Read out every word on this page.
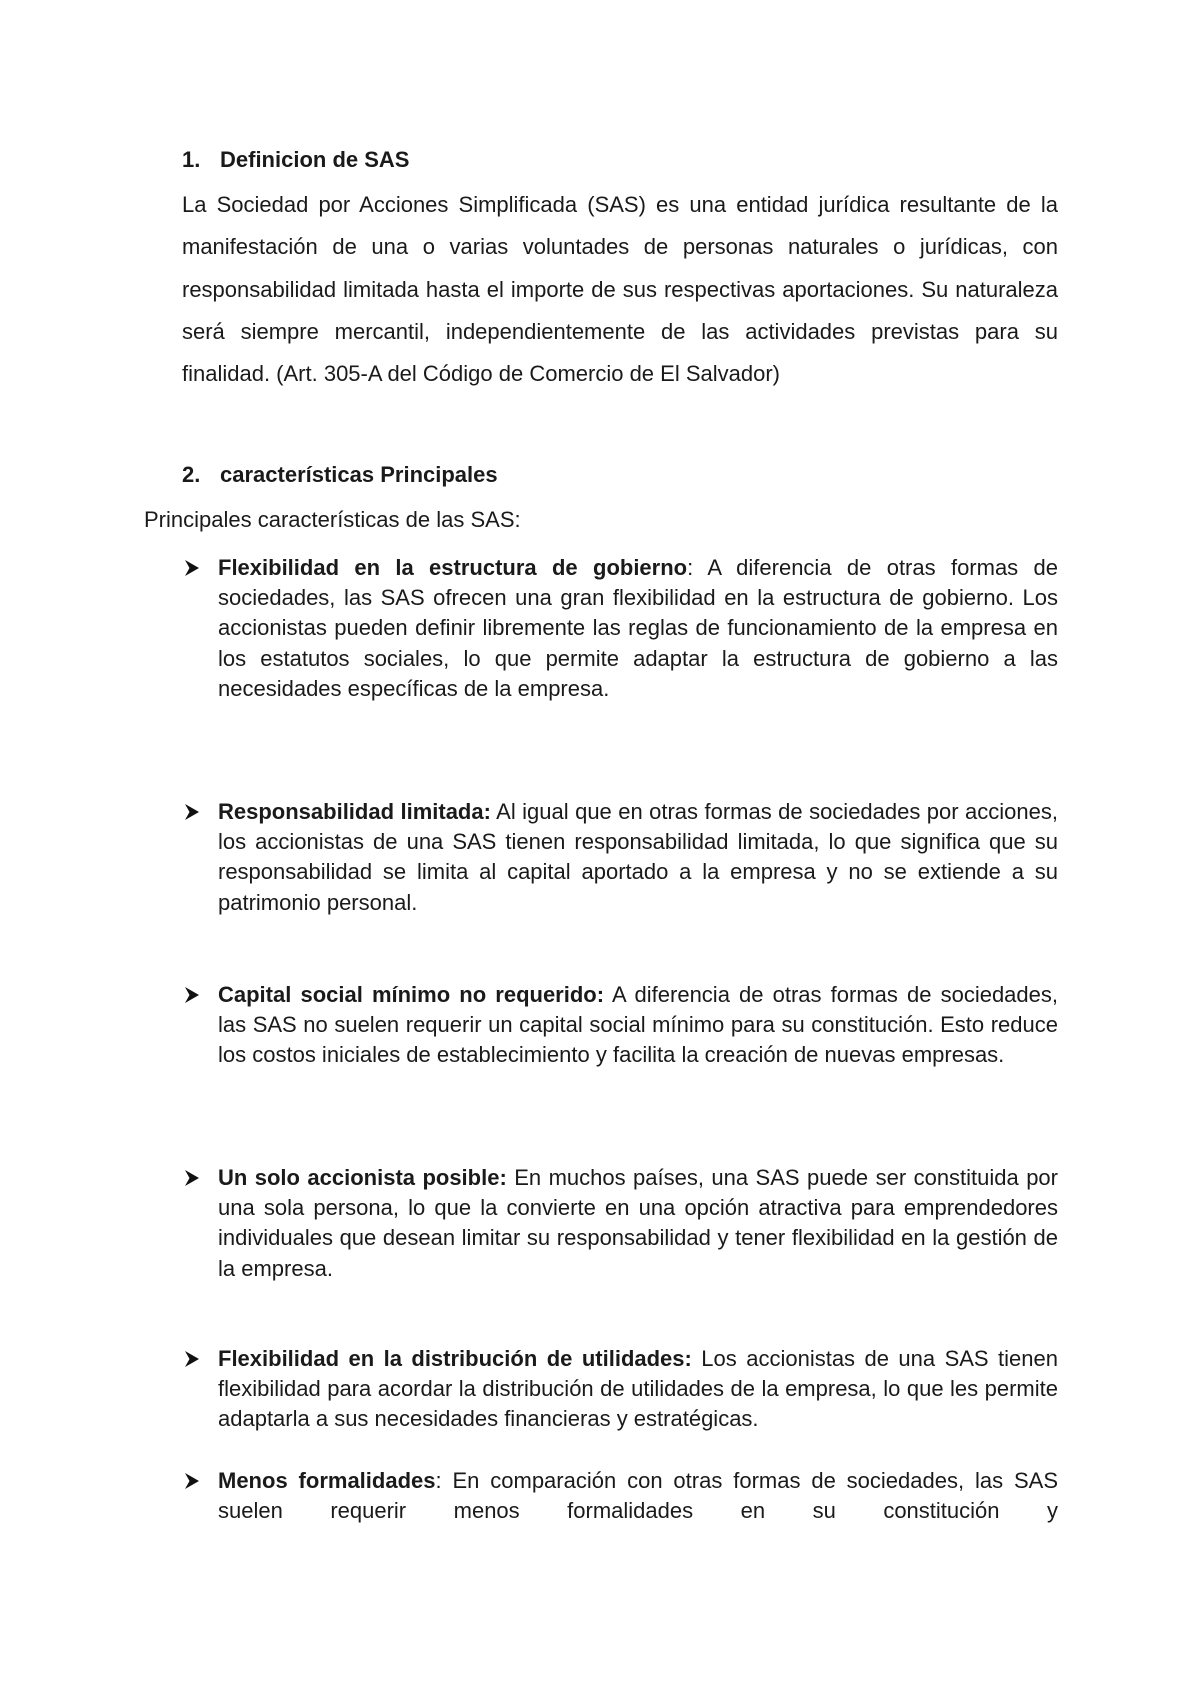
1. Definicion de SAS

La Sociedad por Acciones Simplificada (SAS) es una entidad jurídica resultante de la manifestación de una o varias voluntades de personas naturales o jurídicas, con responsabilidad limitada hasta el importe de sus respectivas aportaciones. Su naturaleza será siempre mercantil, independientemente de las actividades previstas para su finalidad. (Art. 305-A del Código de Comercio de El Salvador)

2. características Principales
Principales características de las SAS:

Flexibilidad en la estructura de gobierno: A diferencia de otras formas de sociedades, las SAS ofrecen una gran flexibilidad en la estructura de gobierno. Los accionistas pueden definir libremente las reglas de funcionamiento de la empresa en los estatutos sociales, lo que permite adaptar la estructura de gobierno a las necesidades específicas de la empresa.

Responsabilidad limitada: Al igual que en otras formas de sociedades por acciones, los accionistas de una SAS tienen responsabilidad limitada, lo que significa que su responsabilidad se limita al capital aportado a la empresa y no se extiende a su patrimonio personal.

Capital social mínimo no requerido: A diferencia de otras formas de sociedades, las SAS no suelen requerir un capital social mínimo para su constitución. Esto reduce los costos iniciales de establecimiento y facilita la creación de nuevas empresas.

Un solo accionista posible: En muchos países, una SAS puede ser constituida por una sola persona, lo que la convierte en una opción atractiva para emprendedores individuales que desean limitar su responsabilidad y tener flexibilidad en la gestión de la empresa.

Flexibilidad en la distribución de utilidades: Los accionistas de una SAS tienen flexibilidad para acordar la distribución de utilidades de la empresa, lo que les permite adaptarla a sus necesidades financieras y estratégicas.

Menos formalidades: En comparación con otras formas de sociedades, las SAS suelen requerir menos formalidades en su constitución y
